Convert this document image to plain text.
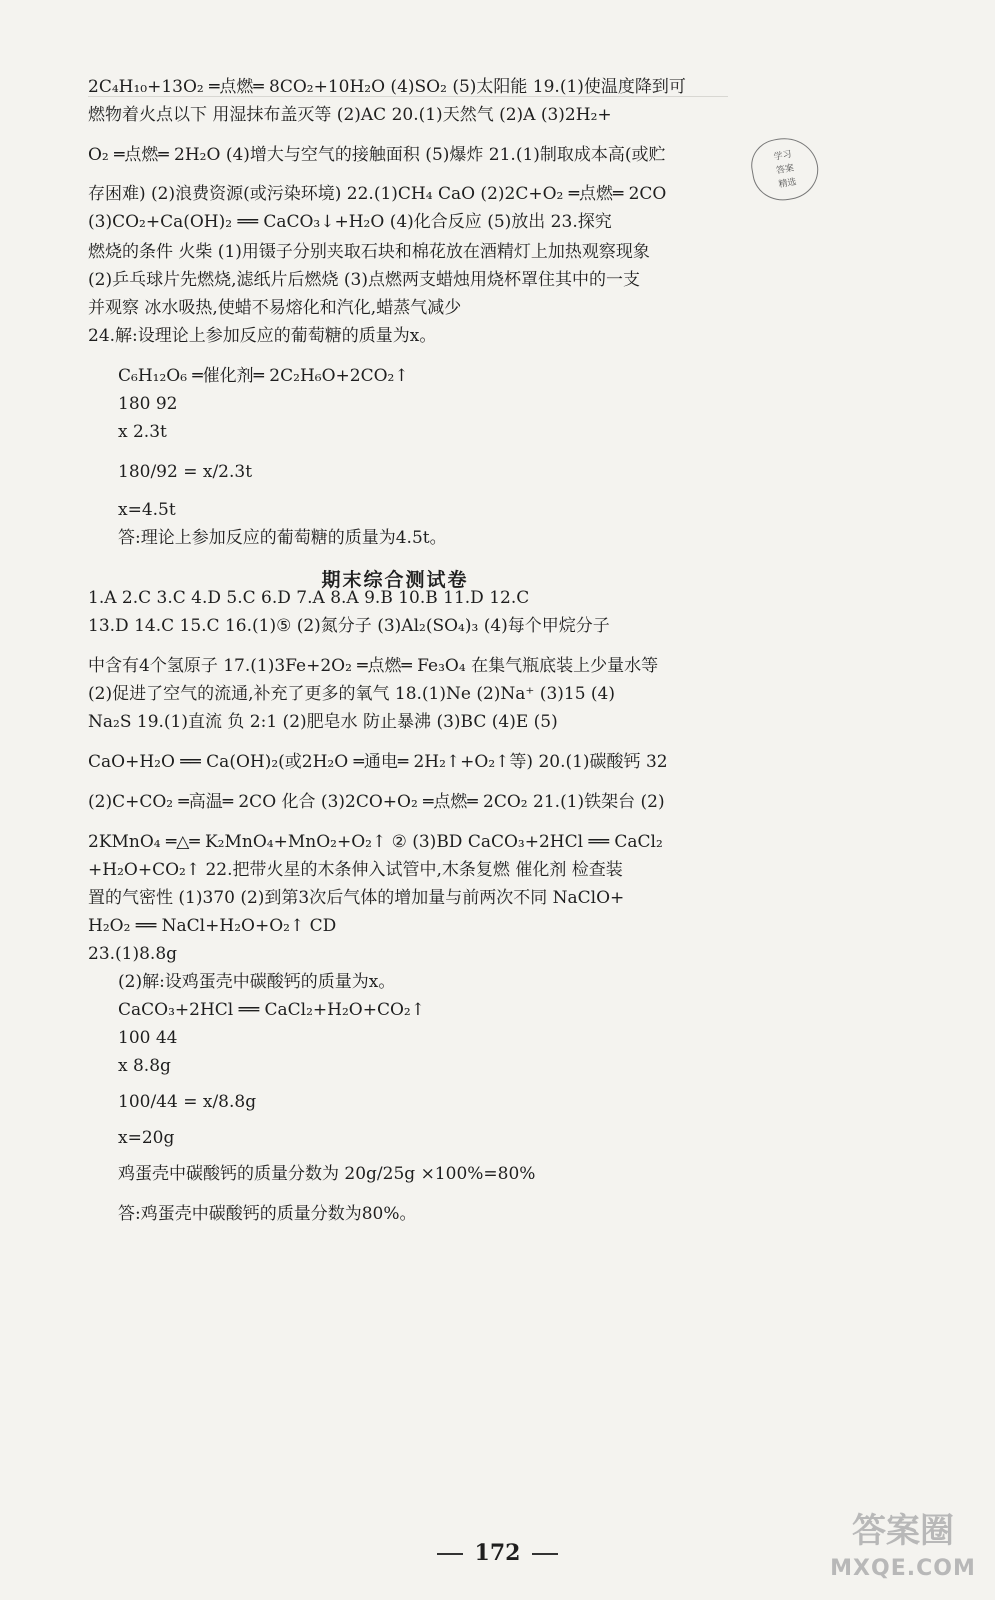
2C₄H₁₀+13O₂ ═点燃═ 8CO₂+10H₂O (4)SO₂ (5)太阳能 19.(1)使温度降到可
燃物着火点以下 用湿抹布盖灭等 (2)AC 20.(1)天然气 (2)A (3)2H₂+
O₂ ═点燃═ 2H₂O (4)增大与空气的接触面积 (5)爆炸 21.(1)制取成本高(或贮
存困难) (2)浪费资源(或污染环境) 22.(1)CH₄ CaO (2)2C+O₂ ═点燃═ 2CO
(3)CO₂+Ca(OH)₂ ══ CaCO₃↓+H₂O (4)化合反应 (5)放出 23.探究
燃烧的条件 火柴 (1)用镊子分别夹取石块和棉花放在酒精灯上加热观察现象
(2)乒乓球片先燃烧,滤纸片后燃烧 (3)点燃两支蜡烛用烧杯罩住其中的一支
并观察 冰水吸热,使蜡不易熔化和汽化,蜡蒸气减少
24.解:设理论上参加反应的葡萄糖的质量为x。
学习
答案
精选
C₆H₁₂O₆ ═催化剂═ 2C₂H₆O+2CO₂↑
180 92
x 2.3t
180/92 = x/2.3t
x=4.5t
答:理论上参加反应的葡萄糖的质量为4.5t。
期末综合测试卷
1.A 2.C 3.C 4.D 5.C 6.D 7.A 8.A 9.B 10.B 11.D 12.C
13.D 14.C 15.C 16.(1)⑤ (2)氮分子 (3)Al₂(SO₄)₃ (4)每个甲烷分子
中含有4个氢原子 17.(1)3Fe+2O₂ ═点燃═ Fe₃O₄ 在集气瓶底装上少量水等
(2)促进了空气的流通,补充了更多的氧气 18.(1)Ne (2)Na⁺ (3)15 (4)
Na₂S 19.(1)直流 负 2:1 (2)肥皂水 防止暴沸 (3)BC (4)E (5)
CaO+H₂O ══ Ca(OH)₂(或2H₂O ═通电═ 2H₂↑+O₂↑等) 20.(1)碳酸钙 32
(2)C+CO₂ ═高温═ 2CO 化合 (3)2CO+O₂ ═点燃═ 2CO₂ 21.(1)铁架台 (2)
2KMnO₄ ═△═ K₂MnO₄+MnO₂+O₂↑ ② (3)BD CaCO₃+2HCl ══ CaCl₂
+H₂O+CO₂↑ 22.把带火星的木条伸入试管中,木条复燃 催化剂 检查装
置的气密性 (1)370 (2)到第3次后气体的增加量与前两次不同 NaClO+
H₂O₂ ══ NaCl+H₂O+O₂↑ CD
23.(1)8.8g
(2)解:设鸡蛋壳中碳酸钙的质量为x。
CaCO₃+2HCl ══ CaCl₂+H₂O+CO₂↑
100 44
x 8.8g
100/44 = x/8.8g
x=20g
鸡蛋壳中碳酸钙的质量分数为 20g/25g ×100%=80%
答:鸡蛋壳中碳酸钙的质量分数为80%。
172
答案圈
MXQE.COM
